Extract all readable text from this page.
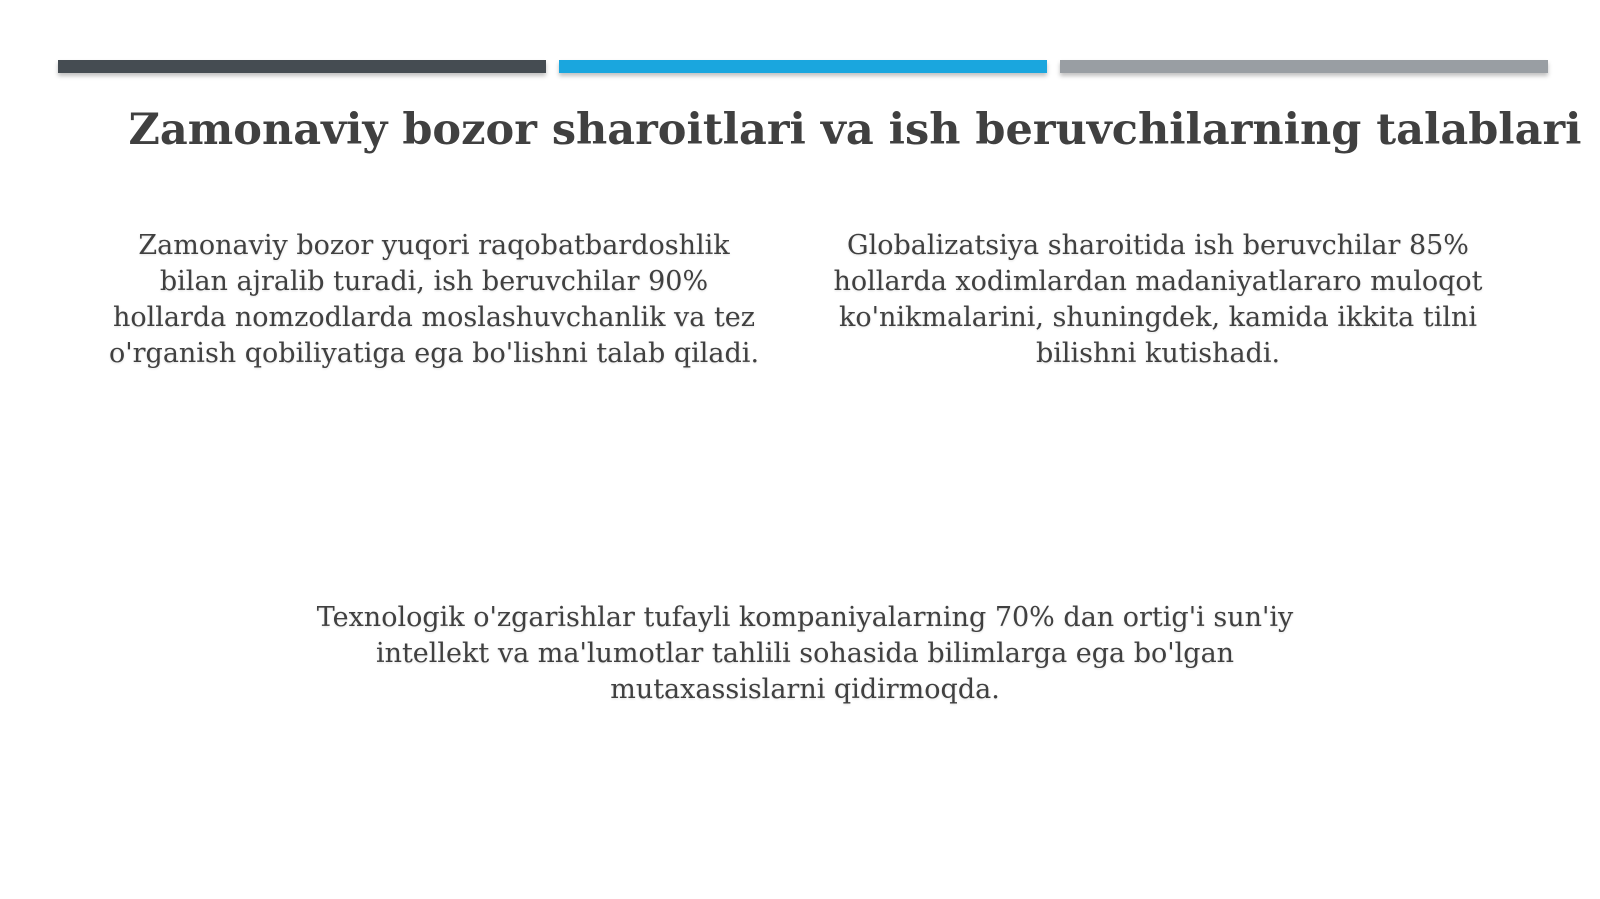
Zamonaviy bozor sharoitlari va ish beruvchilarning talablari

Zamonaviy bozor yuqori raqobatbardoshlik bilan ajralib turadi, ish beruvchilar 90% hollarda nomzodlarda moslashuvchanlik va tez o'rganish qobiliyatiga ega bo'lishni talab qiladi.

Globalizatsiya sharoitida ish beruvchilar 85% hollarda xodimlardan madaniyatlararo muloqot ko'nikmalarini, shuningdek, kamida ikkita tilni bilishni kutishadi.

Texnologik o'zgarishlar tufayli kompaniyalarning 70% dan ortig'i sun'iy intellekt va ma'lumotlar tahlili sohasida bilimlarga ega bo'lgan mutaxassislarni qidirmoqda.
